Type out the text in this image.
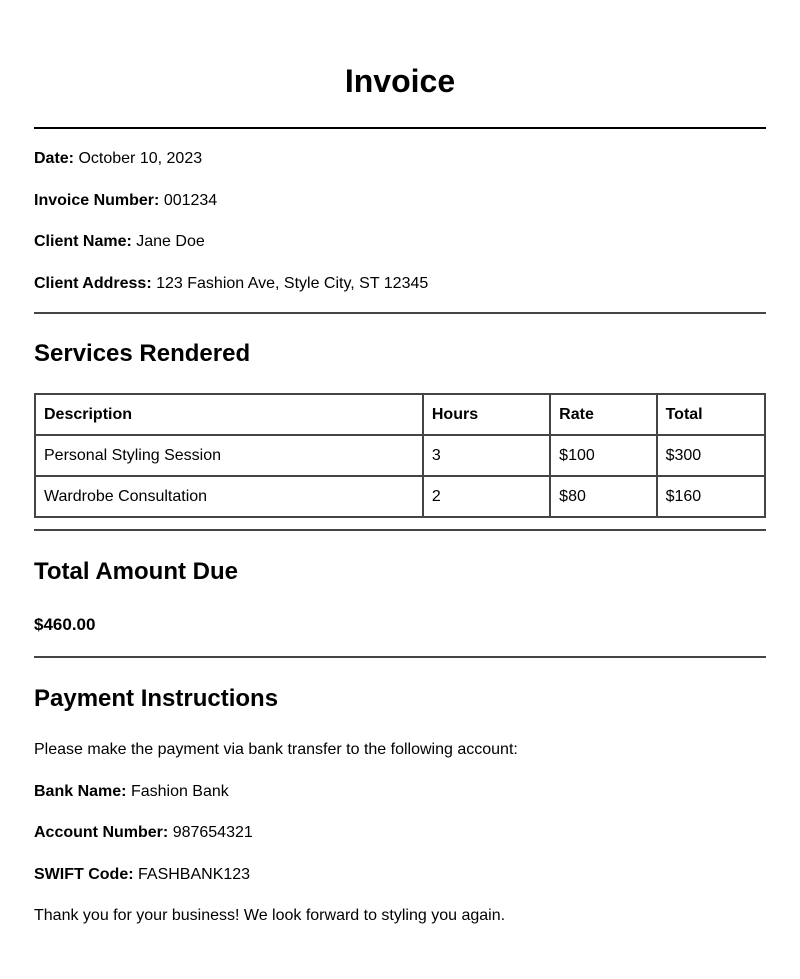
Invoice

Date: October 10, 2023

Invoice Number: 001234

Client Name: Jane Doe

Client Address: 123 Fashion Ave, Style City, ST 12345

Services Rendered
Description	Hours	Rate	Total
Personal Styling Session	3	$100	$300
Wardrobe Consultation	2	$80	$160
Total Amount Due

$460.00

Payment Instructions

Please make the payment via bank transfer to the following account:

Bank Name: Fashion Bank

Account Number: 987654321

SWIFT Code: FASHBANK123

Thank you for your business! We look forward to styling you again.
